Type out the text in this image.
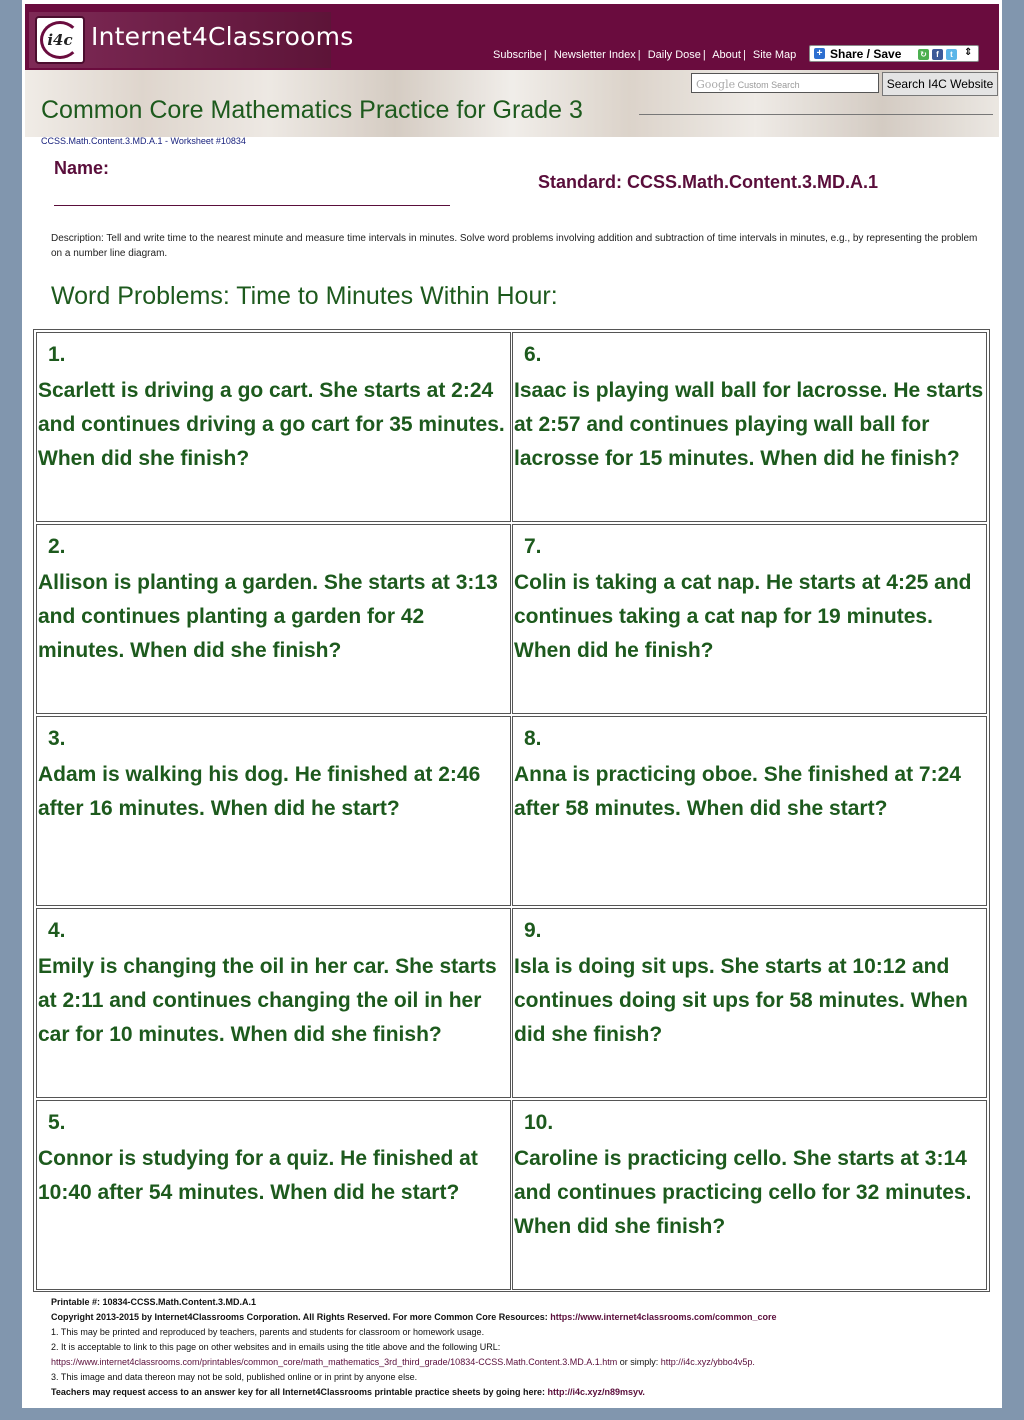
i4c Internet4Classrooms
Subscribe | Newsletter Index | Daily Dose | About | Site Map + Share / Save ↻	f	t	⇕
Google Custom Search	Search I4C Website
Common Core Mathematics Practice for Grade 3
CCSS.Math.Content.3.MD.A.1 - Worksheet #10834
Name:
Standard: CCSS.Math.Content.3.MD.A.1
Description: Tell and write time to the nearest minute and measure time intervals in minutes. Solve word problems involving addition and subtraction of time intervals in minutes, e.g., by representing the problem on a number line diagram.
Word Problems: Time to Minutes Within Hour:
1.
Scarlett is driving a go cart. She starts at 2:24 and continues driving a go cart for 35 minutes. When did she finish?
2.
Allison is planting a garden. She starts at 3:13 and continues planting a garden for 42 minutes. When did she finish?
3.
Adam is walking his dog. He finished at 2:46 after 16 minutes. When did he start?
4.
Emily is changing the oil in her car. She starts at 2:11 and continues changing the oil in her car for 10 minutes. When did she finish?
5.
Connor is studying for a quiz. He finished at 10:40 after 54 minutes. When did he start?
6.
Isaac is playing wall ball for lacrosse. He starts at 2:57 and continues playing wall ball for lacrosse for 15 minutes. When did he finish?
7.
Colin is taking a cat nap. He starts at 4:25 and continues taking a cat nap for 19 minutes. When did he finish?
8.
Anna is practicing oboe. She finished at 7:24 after 58 minutes. When did she start?
9.
Isla is doing sit ups. She starts at 10:12 and continues doing sit ups for 58 minutes. When did she finish?
10.
Caroline is practicing cello. She starts at 3:14 and continues practicing cello for 32 minutes. When did she finish?
Printable #: 10834-CCSS.Math.Content.3.MD.A.1
Copyright 2013-2015 by Internet4Classrooms Corporation. All Rights Reserved. For more Common Core Resources: https://www.internet4classrooms.com/common_core
1. This may be printed and reproduced by teachers, parents and students for classroom or homework usage.
2. It is acceptable to link to this page on other websites and in emails using the title above and the following URL:
https://www.internet4classrooms.com/printables/common_core/math_mathematics_3rd_third_grade/10834-CCSS.Math.Content.3.MD.A.1.htm or simply: http://i4c.xyz/ybbo4v5p.
3. This image and data thereon may not be sold, published online or in print by anyone else.
Teachers may request access to an answer key for all Internet4Classrooms printable practice sheets by going here: http://i4c.xyz/n89msyv.
